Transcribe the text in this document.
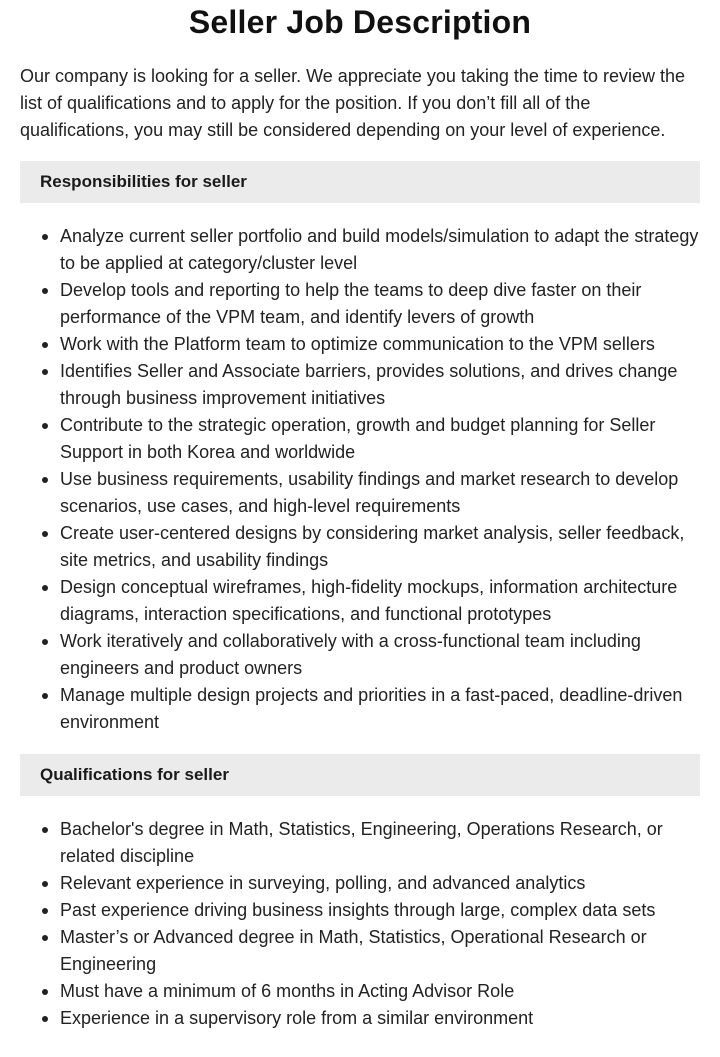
Seller Job Description

Our company is looking for a seller. We appreciate you taking the time to review the list of qualifications and to apply for the position. If you don’t fill all of the qualifications, you may still be considered depending on your level of experience.

Responsibilities for seller
Analyze current seller portfolio and build models/simulation to adapt the strategy to be applied at category/cluster level
Develop tools and reporting to help the teams to deep dive faster on their performance of the VPM team, and identify levers of growth
Work with the Platform team to optimize communication to the VPM sellers
Identifies Seller and Associate barriers, provides solutions, and drives change through business improvement initiatives
Contribute to the strategic operation, growth and budget planning for Seller Support in both Korea and worldwide
Use business requirements, usability findings and market research to develop scenarios, use cases, and high-level requirements
Create user-centered designs by considering market analysis, seller feedback, site metrics, and usability findings
Design conceptual wireframes, high-fidelity mockups, information architecture diagrams, interaction specifications, and functional prototypes
Work iteratively and collaboratively with a cross-functional team including engineers and product owners
Manage multiple design projects and priorities in a fast-paced, deadline-driven environment
Qualifications for seller
Bachelor's degree in Math, Statistics, Engineering, Operations Research, or related discipline
Relevant experience in surveying, polling, and advanced analytics
Past experience driving business insights through large, complex data sets
Master’s or Advanced degree in Math, Statistics, Operational Research or Engineering
Must have a minimum of 6 months in Acting Advisor Role
Experience in a supervisory role from a similar environment
